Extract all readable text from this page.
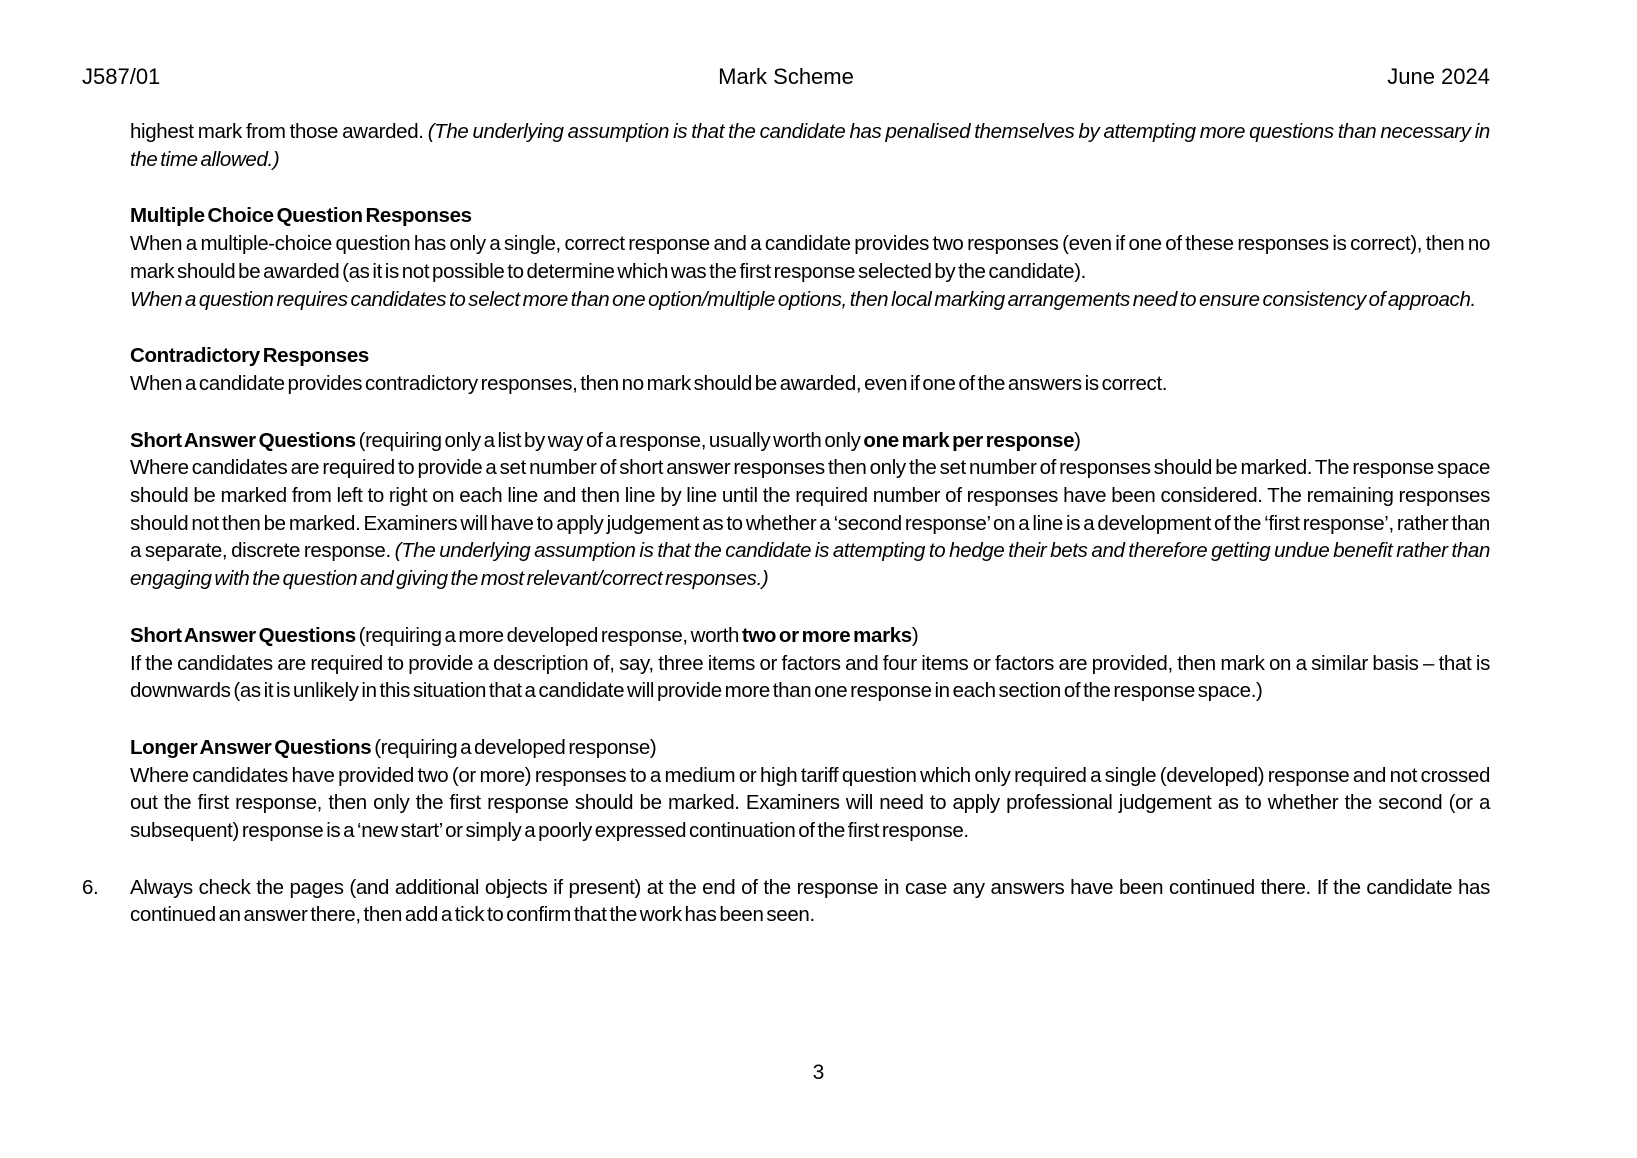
J587/01	Mark Scheme	June 2024

highest mark from those awarded. (The underlying assumption is that the candidate has penalised themselves by attempting more questions than necessary in the time allowed.)

Multiple Choice Question Responses

When a multiple-choice question has only a single, correct response and a candidate provides two responses (even if one of these responses is correct), then no mark should be awarded (as it is not possible to determine which was the first response selected by the candidate).

When a question requires candidates to select more than one option/multiple options, then local marking arrangements need to ensure consistency of approach.

Contradictory Responses

When a candidate provides contradictory responses, then no mark should be awarded, even if one of the answers is correct.

Short Answer Questions (requiring only a list by way of a response, usually worth only one mark per response)

Where candidates are required to provide a set number of short answer responses then only the set number of responses should be marked. The response space should be marked from left to right on each line and then line by line until the required number of responses have been considered. The remaining responses should not then be marked. Examiners will have to apply judgement as to whether a ‘second response’ on a line is a development of the ‘first response’, rather than a separate, discrete response. (The underlying assumption is that the candidate is attempting to hedge their bets and therefore getting undue benefit rather than engaging with the question and giving the most relevant/correct responses.)

Short Answer Questions (requiring a more developed response, worth two or more marks)

If the candidates are required to provide a description of, say, three items or factors and four items or factors are provided, then mark on a similar basis – that is downwards (as it is unlikely in this situation that a candidate will provide more than one response in each section of the response space.)

Longer Answer Questions (requiring a developed response)

Where candidates have provided two (or more) responses to a medium or high tariff question which only required a single (developed) response and not crossed out the first response, then only the first response should be marked. Examiners will need to apply professional judgement as to whether the second (or a subsequent) response is a ‘new start’ or simply a poorly expressed continuation of the first response.

6.	Always check the pages (and additional objects if present) at the end of the response in case any answers have been continued there. If the candidate has continued an answer there, then add a tick to confirm that the work has been seen.

3
